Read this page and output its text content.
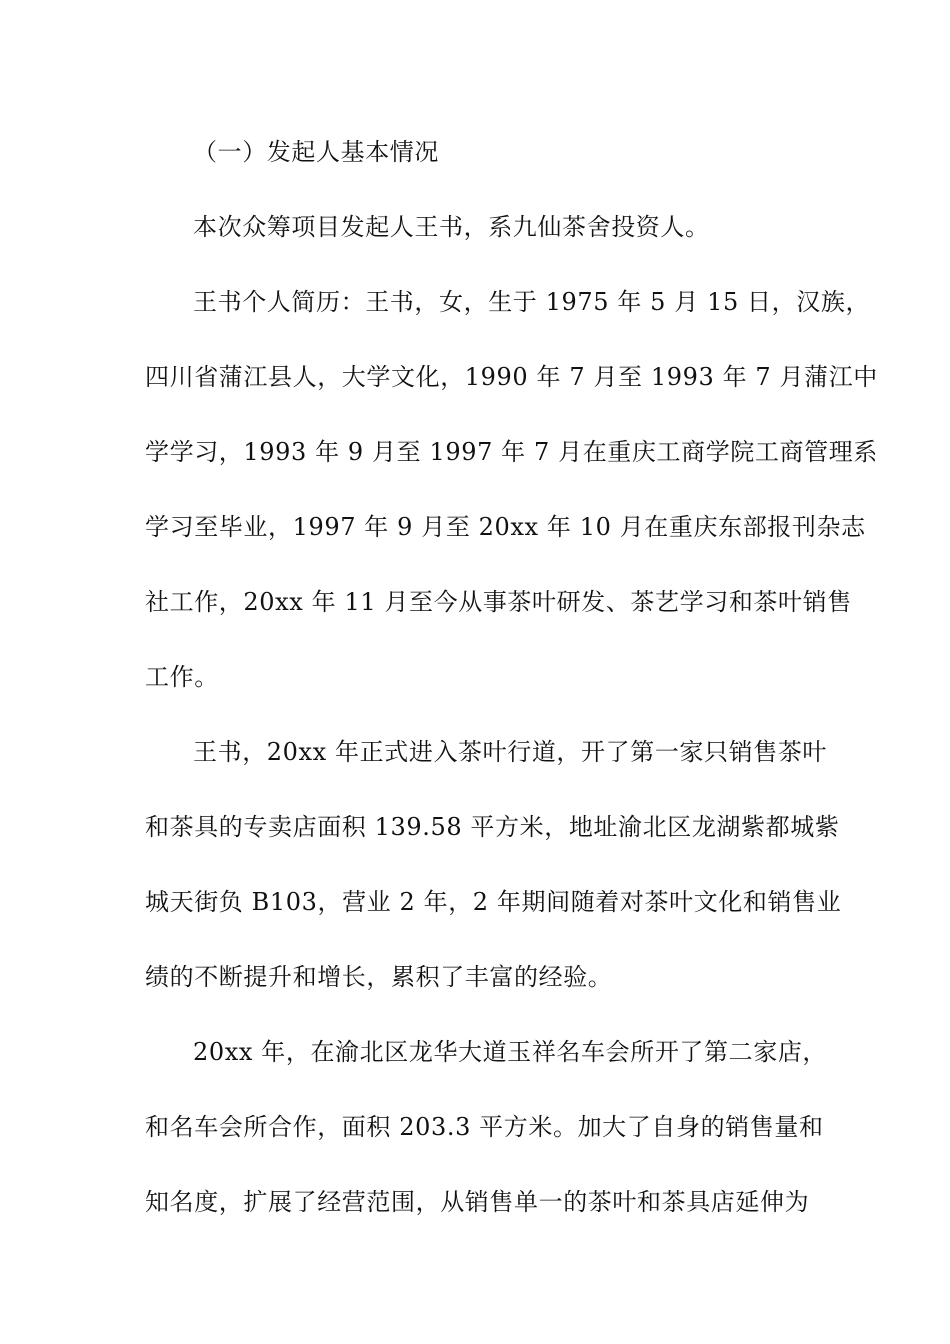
（一）发起人基本情况
本次众筹项目发起人王书，系九仙茶舍投资人。
王书个人简历：王书，女，生于 1975 年 5 月 15 日，汉族，
四川省蒲江县人，大学文化，1990 年 7 月至 1993 年 7 月蒲江中
学学习，1993 年 9 月至 1997 年 7 月在重庆工商学院工商管理系
学习至毕业，1997 年 9 月至 20xx 年 10 月在重庆东部报刊杂志
社工作，20xx 年 11 月至今从事茶叶研发、茶艺学习和茶叶销售
工作。
王书，20xx 年正式进入茶叶行道，开了第一家只销售茶叶
和茶具的专卖店面积 139.58 平方米，地址渝北区龙湖紫都城紫
城天街负 B103，营业 2 年，2 年期间随着对茶叶文化和销售业
绩的不断提升和增长，累积了丰富的经验。
20xx 年，在渝北区龙华大道玉祥名车会所开了第二家店，
和名车会所合作，面积 203.3 平方米。加大了自身的销售量和
知名度，扩展了经营范围，从销售单一的茶叶和茶具店延伸为
